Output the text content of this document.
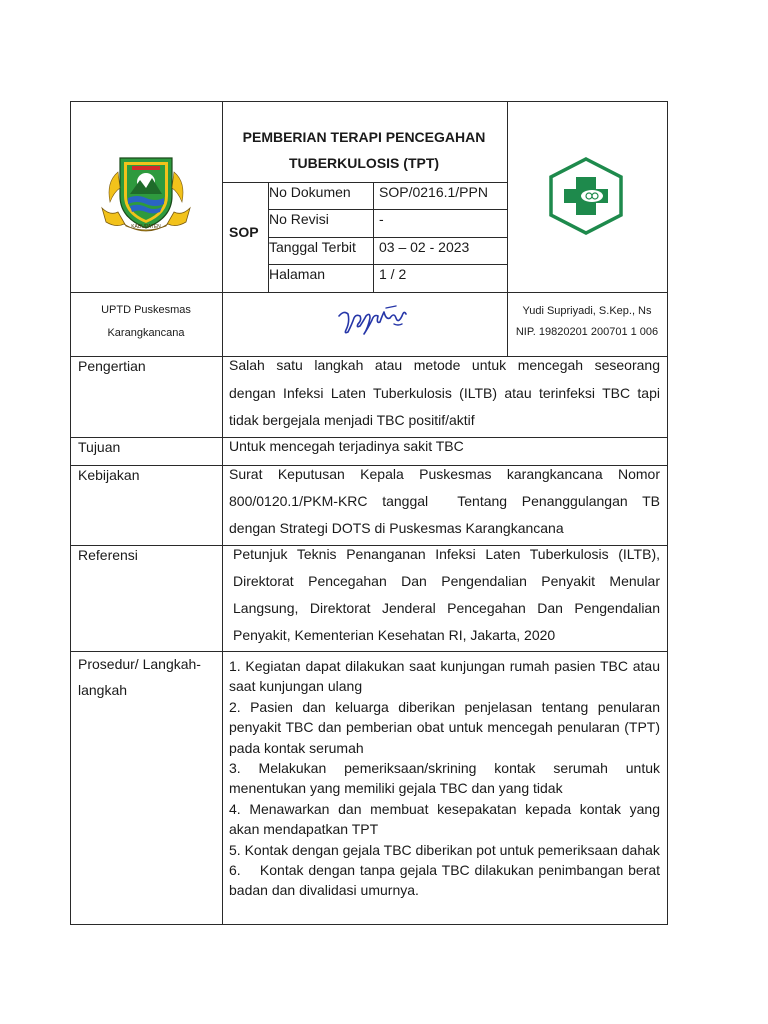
KABUPATEN
PEMBERIAN TERAPI PENCEGAHAN
TUBERKULOSIS (TPT)
SOP
No Dokumen SOP/0216.1/PPN
No Revisi	-
Tanggal Terbit 03 – 02 - 2023
Halaman	1 / 2
UPTD Puskesmas
Karangkancana
Yudi Supriyadi, S.Kep., Ns
NIP. 19820201 200701 1 006
Pengertian	Salah satu langkah atau metode untuk mencegah seseorang
dengan Infeksi Laten Tuberkulosis (ILTB) atau terinfeksi TBC tapi
tidak bergejala menjadi TBC positif/aktif
Tujuan	Untuk mencegah terjadinya sakit TBC
Kebijakan	Surat Keputusan Kepala Puskesmas karangkancana Nomor
800/0120.1/PKM-KRC tanggal  Tentang Penanggulangan TB
dengan Strategi DOTS di Puskesmas Karangkancana
Referensi	Petunjuk Teknis Penanganan Infeksi Laten Tuberkulosis (ILTB),
Direktorat Pencegahan Dan Pengendalian Penyakit Menular
Langsung, Direktorat Jenderal Pencegahan Dan Pengendalian
Penyakit, Kementerian Kesehatan RI, Jakarta, 2020
Prosedur/ Langkah-
langkah

1. Kegiatan dapat dilakukan saat kunjungan rumah pasien TBC atau saat kunjungan ulang

2. Pasien dan keluarga diberikan penjelasan tentang penularan penyakit TBC dan pemberian obat untuk mencegah penularan (TPT) pada kontak serumah

3. Melakukan pemeriksaan/skrining kontak serumah untuk menentukan yang memiliki gejala TBC dan yang tidak

4. Menawarkan dan membuat kesepakatan kepada kontak yang akan mendapatkan TPT

5. Kontak dengan gejala TBC diberikan pot untuk pemeriksaan dahak

6.    Kontak dengan tanpa gejala TBC dilakukan penimbangan berat badan dan divalidasi umurnya.
